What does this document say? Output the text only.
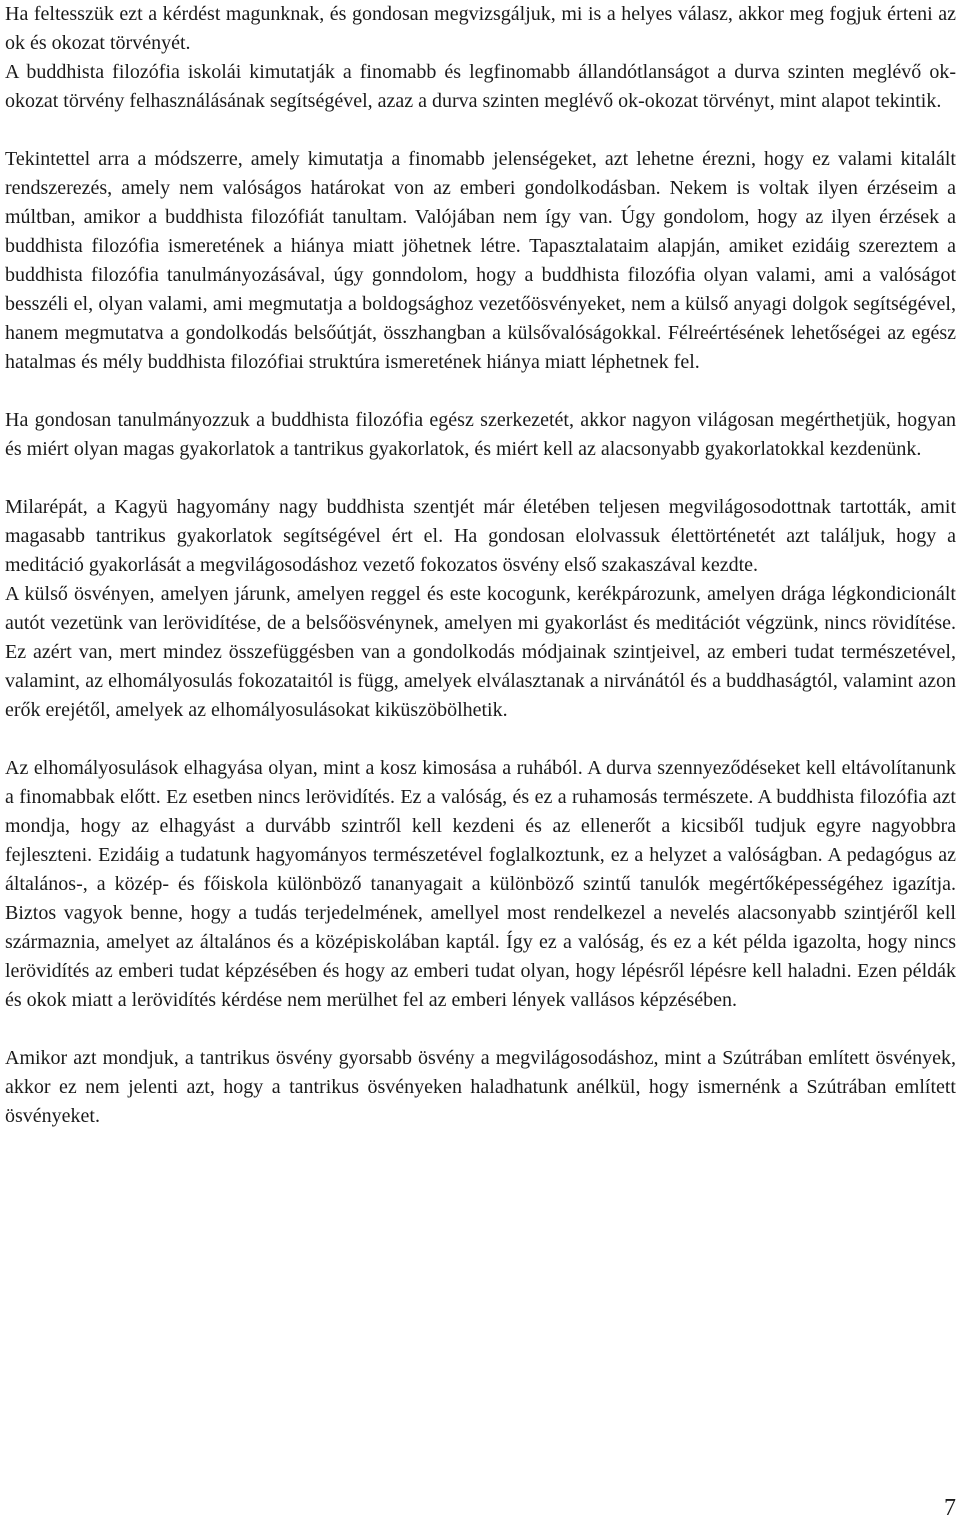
Ha feltesszük ezt a kérdést magunknak, és gondosan megvizsgáljuk, mi is a helyes válasz, akkor meg fogjuk érteni az ok és okozat törvényét.

A buddhista filozófia iskolái kimutatják a finomabb és legfinomabb állandótlanságot a durva szinten meglévő ok-okozat törvény felhasználásának segítségével, azaz a durva szinten meglévő ok-okozat törvényt, mint alapot tekintik.

Tekintettel arra a módszerre, amely kimutatja a finomabb jelenségeket, azt lehetne érezni, hogy ez valami kitalált rendszerezés, amely nem valóságos határokat von az emberi gondolkodásban. Nekem is voltak ilyen érzéseim a múltban, amikor a buddhista filozófiát tanultam. Valójában nem így van. Úgy gondolom, hogy az ilyen érzések a buddhista filozófia ismeretének a hiánya miatt jöhetnek létre. Tapasztalataim alapján, amiket ezidáig szereztem a buddhista filozófia tanulmányozásával, úgy gonndolom, hogy a buddhista filozófia olyan valami, ami a valóságot besszéli el, olyan valami, ami megmutatja a boldogsághoz vezetőösvényeket, nem a külső anyagi dolgok segítségével, hanem megmutatva a gondolkodás belsőútját, összhangban a külsővalóságokkal. Félreértésének lehetőségei az egész hatalmas és mély buddhista filozófiai struktúra ismeretének hiánya miatt léphetnek fel.

Ha gondosan tanulmányozzuk a buddhista filozófia egész szerkezetét, akkor nagyon világosan megérthetjük, hogyan és miért olyan magas gyakorlatok a tantrikus gyakorlatok, és miért kell az alacsonyabb gyakorlatokkal kezdenünk.

Milarépát, a Kagyü hagyomány nagy buddhista szentjét már életében teljesen megvilágosodottnak tartották, amit magasabb tantrikus gyakorlatok segítségével ért el. Ha gondosan elolvassuk élettörténetét azt találjuk, hogy a meditáció gyakorlását a megvilágosodáshoz vezető fokozatos ösvény első szakaszával kezdte.

A külső ösvényen, amelyen járunk, amelyen reggel és este kocogunk, kerékpározunk, amelyen drága légkondicionált autót vezetünk van lerövidítése, de a belsőösvénynek, amelyen mi gyakorlást és meditációt végzünk, nincs rövidítése. Ez azért van, mert mindez összefüggésben van a gondolkodás módjainak szintjeivel, az emberi tudat természetével, valamint, az elhomályosulás fokozataitól is függ, amelyek elválasztanak a nirvánától és a buddhaságtól, valamint azon erők erejétől, amelyek az elhomályosulásokat kiküszöbölhetik.

Az elhomályosulások elhagyása olyan, mint a kosz kimosása a ruhából. A durva szennyeződéseket kell eltávolítanunk a finomabbak előtt. Ez esetben nincs lerövidítés. Ez a valóság, és ez a ruhamosás természete. A buddhista filozófia azt mondja, hogy az elhagyást a durvább szintről kell kezdeni és az ellenerőt a kicsiből tudjuk egyre nagyobbra fejleszteni. Ezidáig a tudatunk hagyományos természetével foglalkoztunk, ez a helyzet a valóságban. A pedagógus az általános-, a közép- és főiskola különböző tananyagait a különböző szintű tanulók megértőképességéhez igazítja. Biztos vagyok benne, hogy a tudás terjedelmének, amellyel most rendelkezel a nevelés alacsonyabb szintjéről kell származnia, amelyet az általános és a középiskolában kaptál. Így ez a valóság, és ez a két példa igazolta, hogy nincs lerövidítés az emberi tudat képzésében és hogy az emberi tudat olyan, hogy lépésről lépésre kell haladni. Ezen példák és okok miatt a lerövidítés kérdése nem merülhet fel az emberi lények vallásos képzésében.

Amikor azt mondjuk, a tantrikus ösvény gyorsabb ösvény a megvilágosodáshoz, mint a Szútrában említett ösvények, akkor ez nem jelenti azt, hogy a tantrikus ösvényeken haladhatunk anélkül, hogy ismernénk a Szútrában említett ösvényeket.

7
